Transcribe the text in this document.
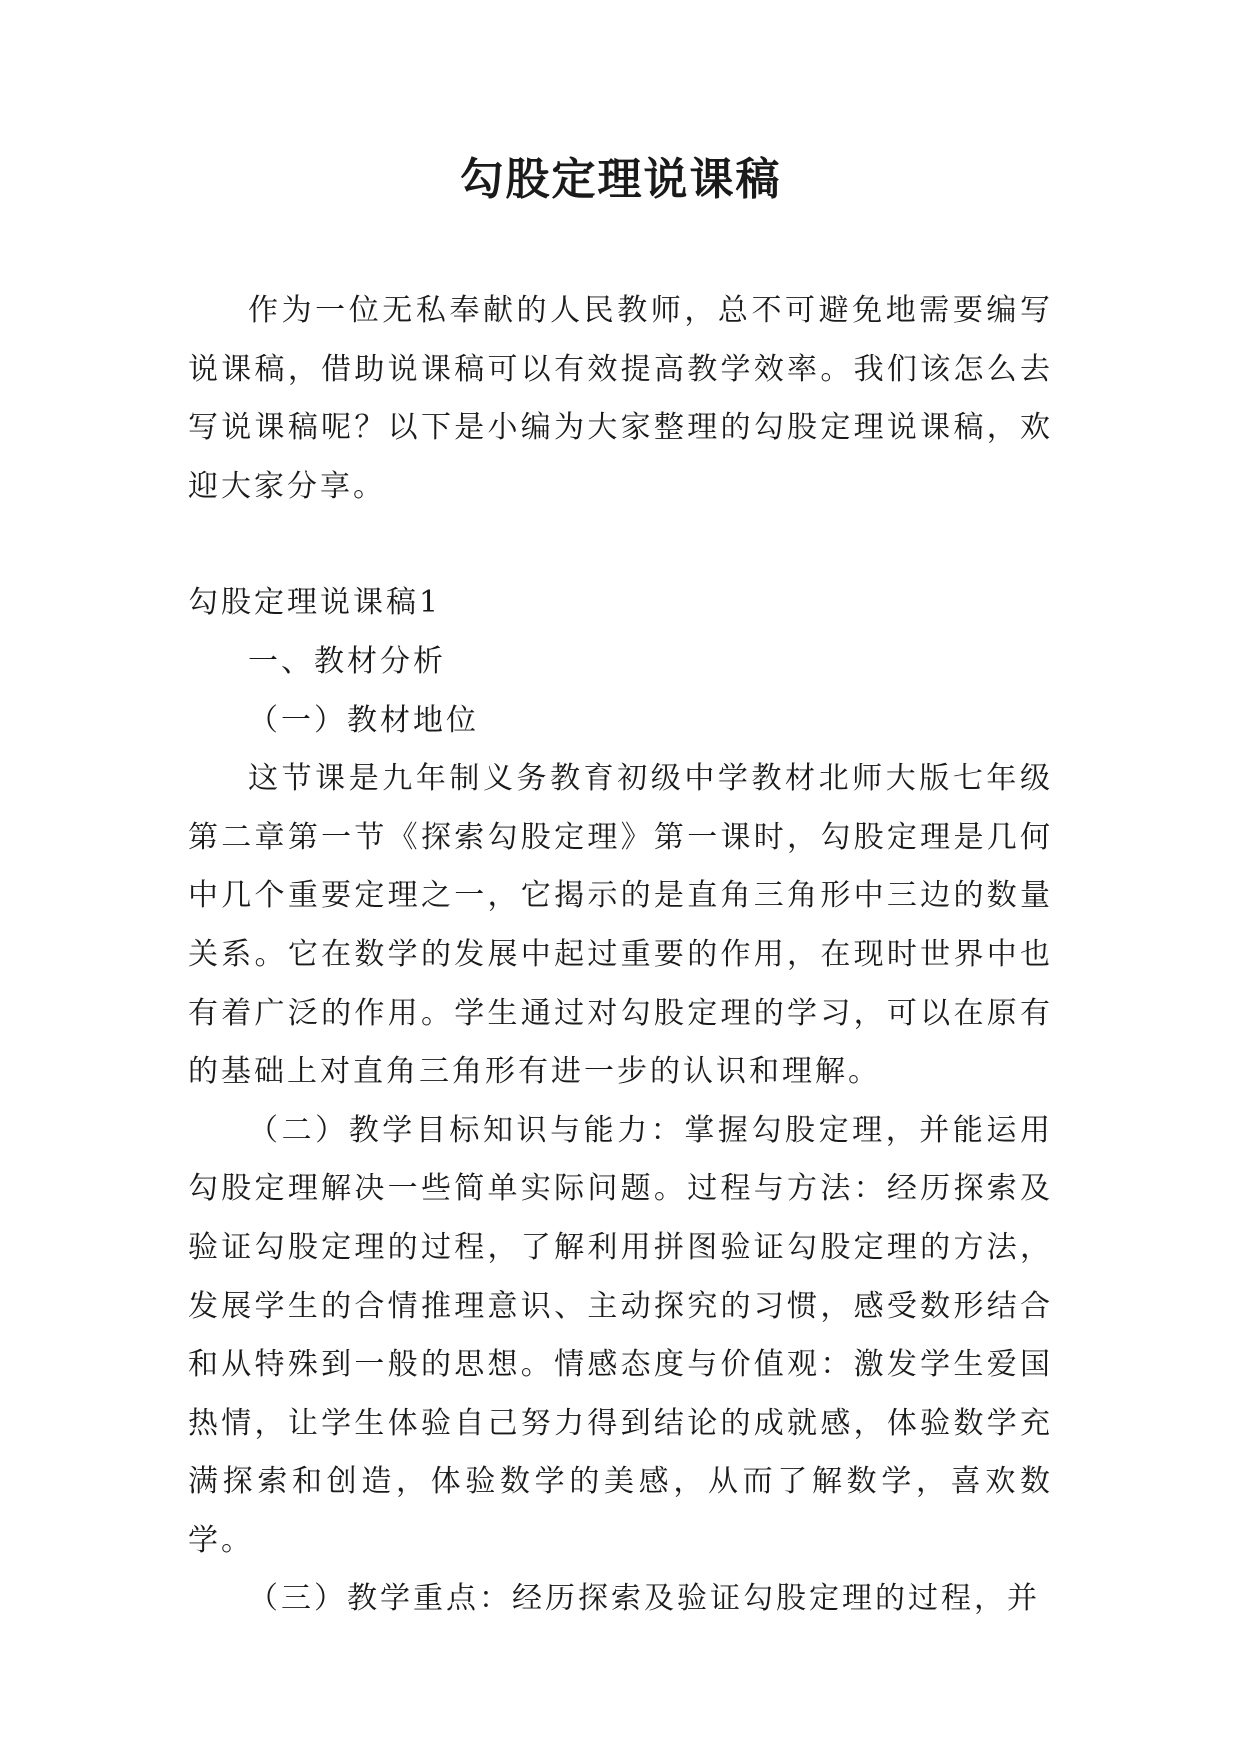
勾股定理说课稿

作为一位无私奉献的人民教师，总不可避免地需要编写说课稿，借助说课稿可以有效提高教学效率。我们该怎么去写说课稿呢？以下是小编为大家整理的勾股定理说课稿，欢迎大家分享。

勾股定理说课稿1

一、教材分析

（一）教材地位

这节课是九年制义务教育初级中学教材北师大版七年级第二章第一节《探索勾股定理》第一课时，勾股定理是几何中几个重要定理之一，它揭示的是直角三角形中三边的数量关系。它在数学的发展中起过重要的作用，在现时世界中也有着广泛的作用。学生通过对勾股定理的学习，可以在原有的基础上对直角三角形有进一步的认识和理解。

（二）教学目标知识与能力：掌握勾股定理，并能运用勾股定理解决一些简单实际问题。过程与方法：经历探索及验证勾股定理的过程，了解利用拼图验证勾股定理的方法，发展学生的合情推理意识、主动探究的习惯，感受数形结合和从特殊到一般的思想。情感态度与价值观：激发学生爱国热情，让学生体验自己努力得到结论的成就感，体验数学充满探索和创造，体验数学的美感，从而了解数学，喜欢数学。

（三）教学重点：经历探索及验证勾股定理的过程，并
